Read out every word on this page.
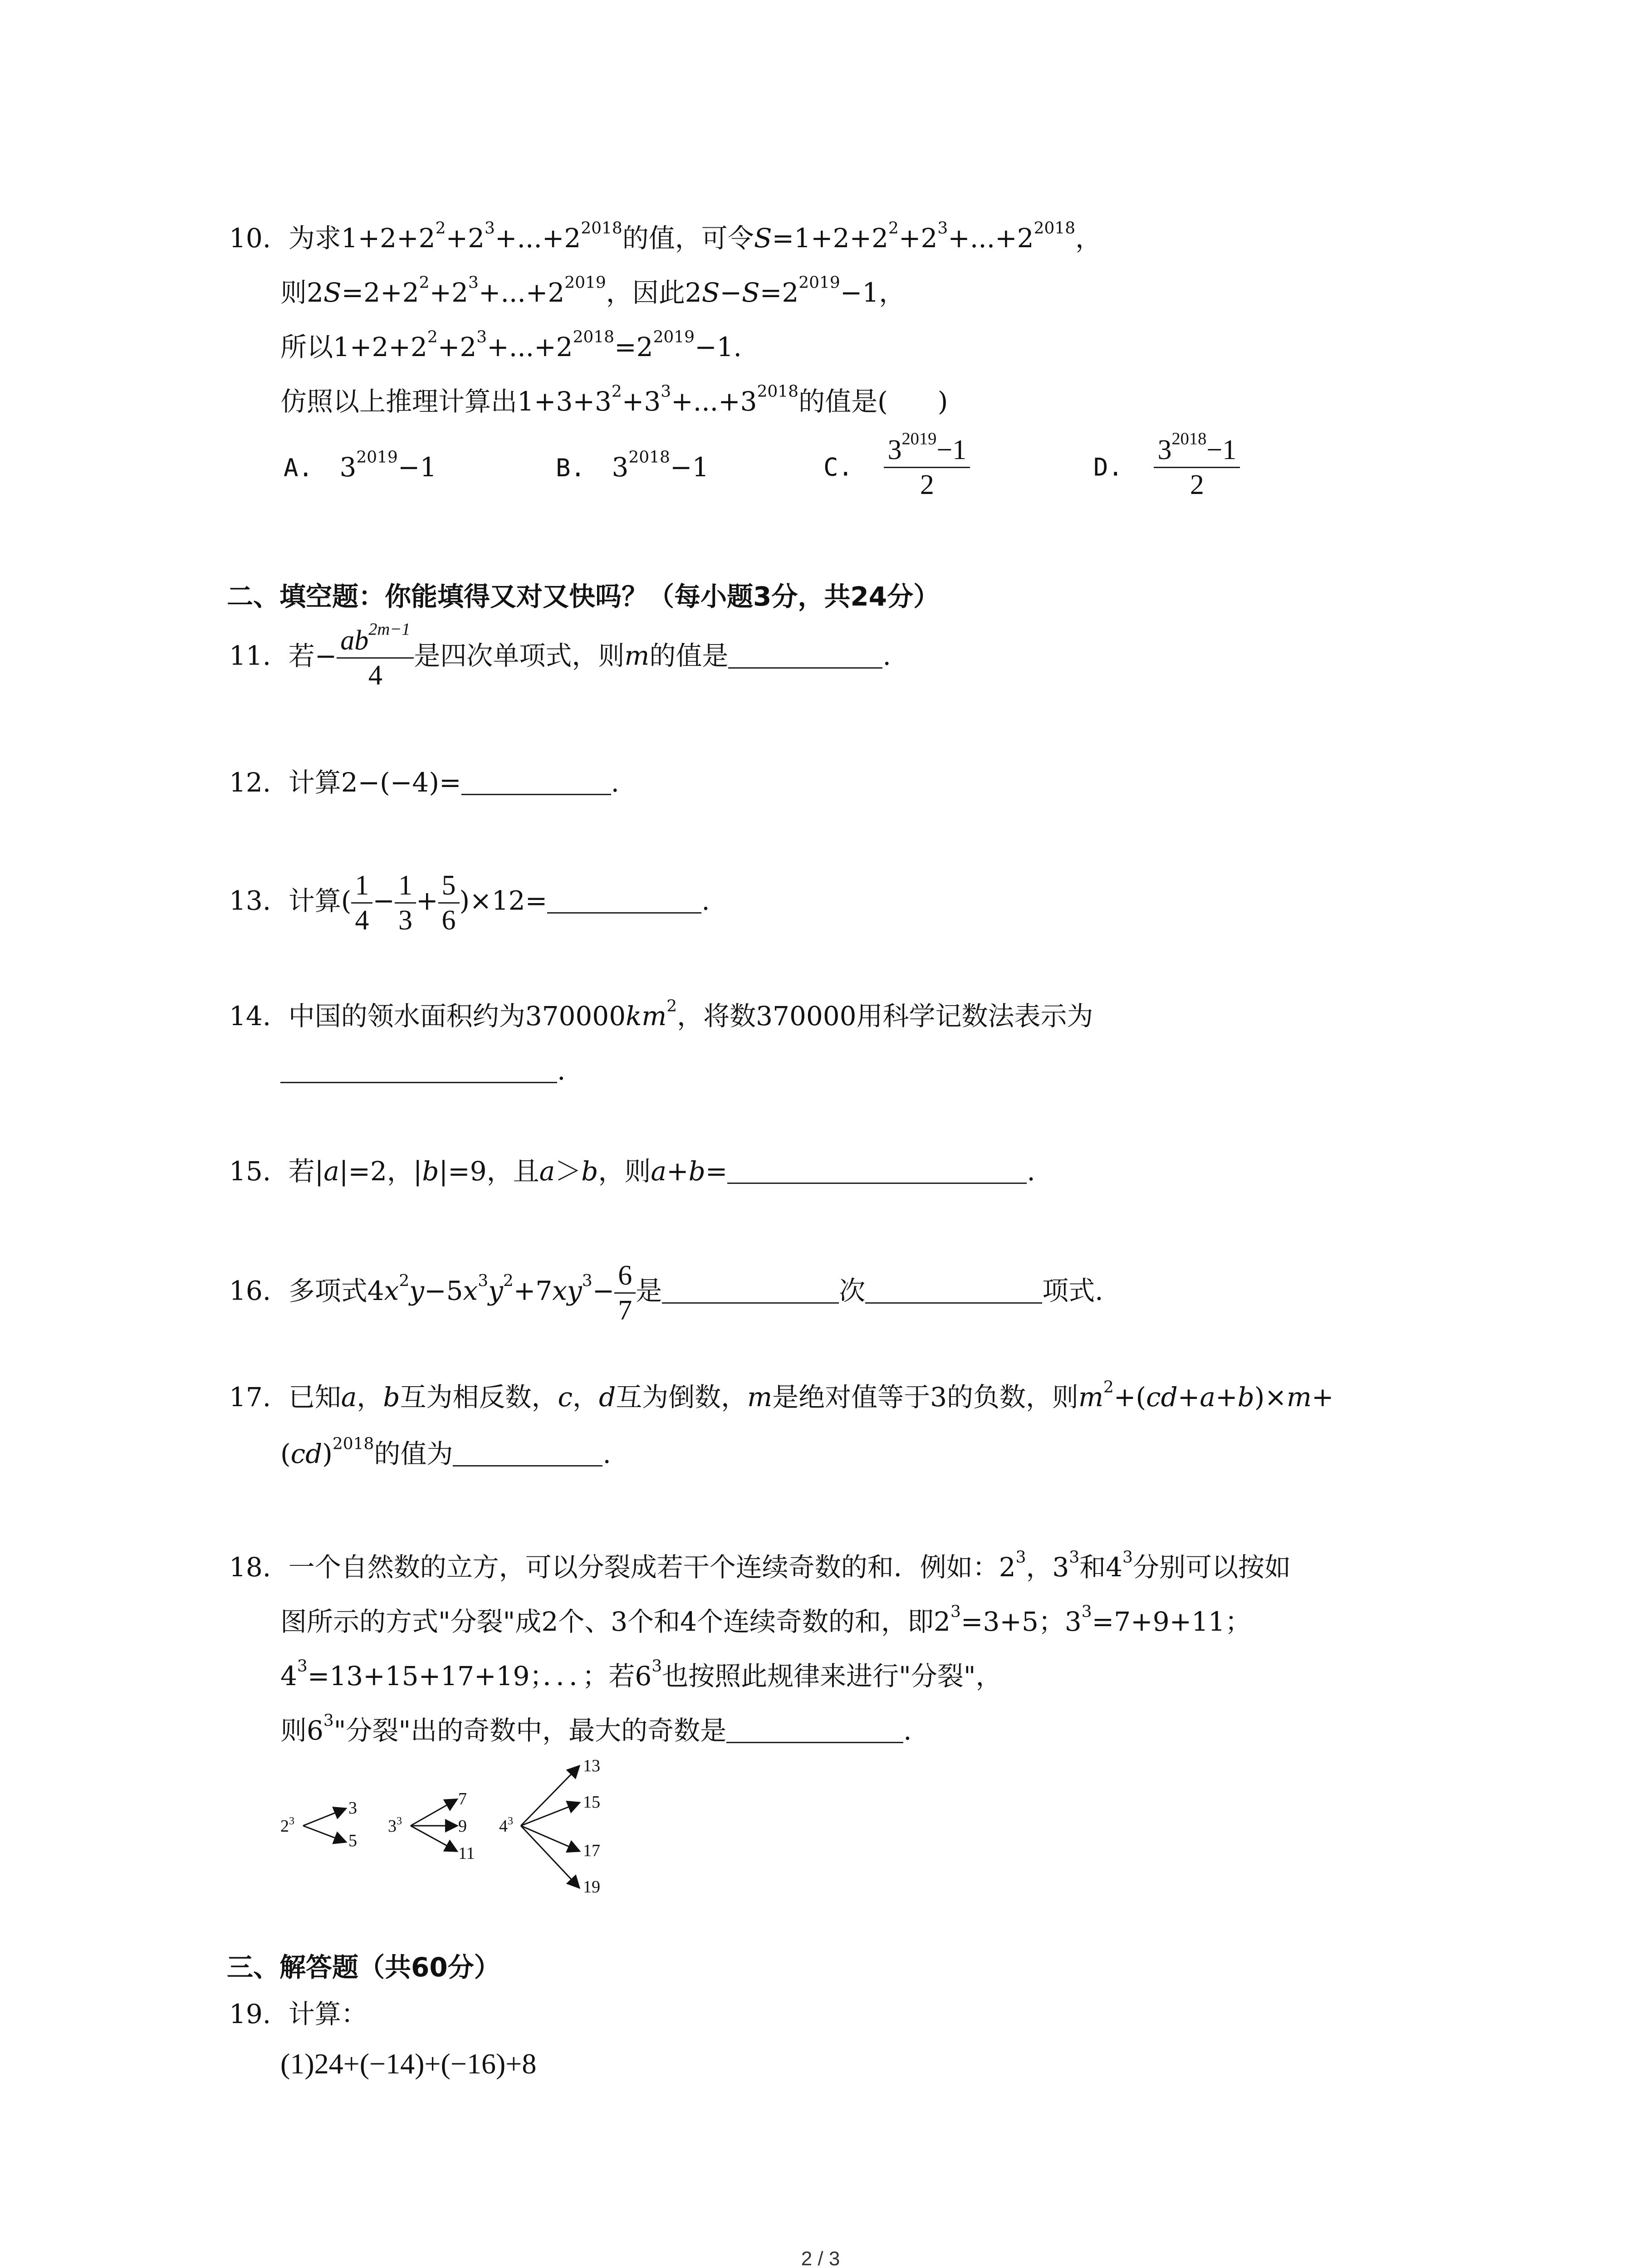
10. 为求$1+2+2^2+2^3+...+2^{2018}$的值，可令$S=1+2+2^2+2^3+...+2^{2018}$，
则$2S=2+2^2+2^3+...+2^{2019}$，因此$2S-S=2^{2019}-1$，
所以$1+2+2^2+2^3+...+2^{2018}=2^{2019}-1$.
仿照以上推理计算出$1+3+3^2+3^3+...+3^{2018}$的值是( )
A. $3^{2019}-1$	B. $3^{2018}-1$	C. $\frac{3^{2019}-1}{2}$	D. $\frac{3^{2018}-1}{2}$
二、填空题：你能填得又对又快吗？（每小题3分，共24分）
11. 若− $\frac{ab^{2m-1}}{4}$ 是四次单项式，则m的值是	.
12. 计算2−(−4)=	.
13. 计算( $\frac{1}{4} - \frac{1}{3} + \frac{5}{6} )\times 12=$	.
14. 中国的领水面积约为$370000km^2$，将数370000用科学记数法表示为
.
15. 若|a|=2，|b|=9，且a＞b，则a+b=	.
16. 多项式$4x^2y-5x^3y^2+7xy^3- \frac{6}{7}$ 是	次	项式.
17. 已知a，b互为相反数，c，d互为倒数，m是绝对值等于3的负数，则$m^2+(cd+a+b)\times m+$
(cd)$^{2018}$的值为	.
18. 一个自然数的立方，可以分裂成若干个连续奇数的和．例如：$2^3$，$3^3$和$4^3$分别可以按如
图所示的方式"分裂"成2个、3个和4个连续奇数的和，即$2^3=3+5$；$3^3=7+9+11$；
$4^3=13+15+17+19$；．．．；若$6^3$也按照此规律来进行"分裂"，
则$6^3$"分裂"出的奇数中，最大的奇数是	.
$2^3$
3
5
$3^3$
7
9
11
$4^3$
13
15
17
19
三、解答题（共60分）
19. 计算：
(1)24+(−14)+(−16)+8
2 / 3
